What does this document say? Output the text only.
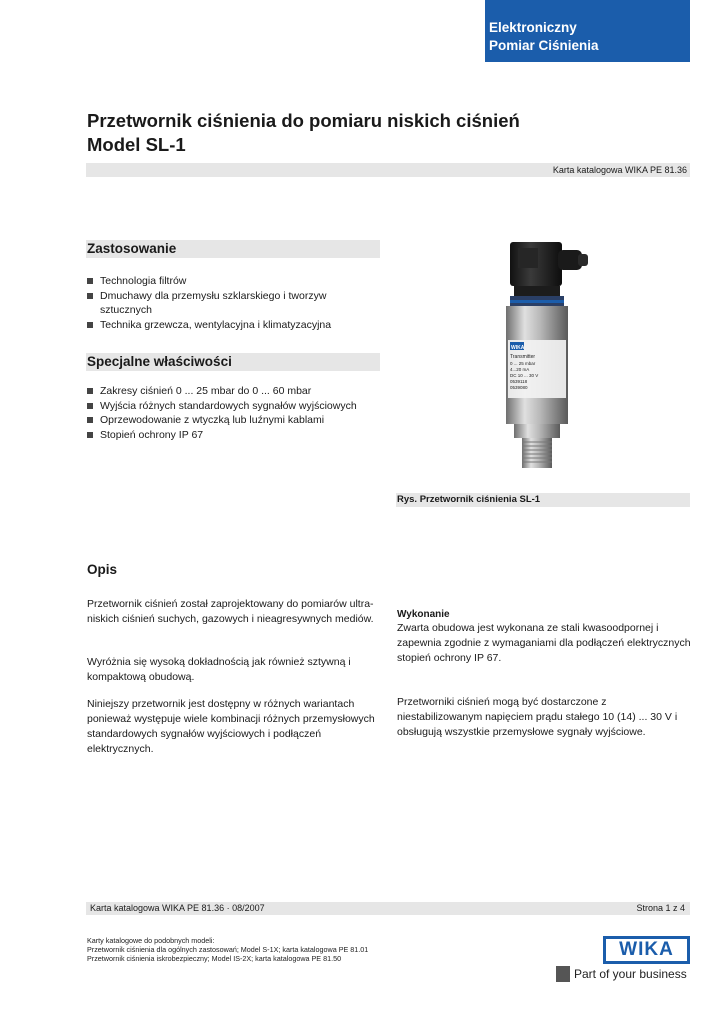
Elektroniczny
Pomiar Ciśnienia
Przetwornik ciśnienia do pomiaru niskich ciśnień
Model SL-1
Karta katalogowa WIKA PE 81.36
Zastosowanie
Technologia filtrów
Dmuchawy dla przemysłu szklarskiego i tworzyw sztucznych
Technika grzewcza, wentylacyjna i klimatyzacyjna
Specjalne właściwości
Zakresy ciśnień 0 ... 25 mbar do 0 ... 60 mbar
Wyjścia różnych standardowych sygnałów wyjściowych
Oprzewodowanie z wtyczką lub luźnymi kablami
Stopień ochrony IP 67
WIKA
Transmitter
0 ... 25 mbar
4...20 mA
DC 10 ... 30 V
0539118
0539080
Rys. Przetwornik ciśnienia SL-1
Opis
Przetwornik ciśnień został zaprojektowany do pomiarów ultra-niskich ciśnień suchych, gazowych i nieagresywnych mediów.
Wyróżnia się wysoką dokładnością jak również sztywną i kompaktową obudową.
Niniejszy przetwornik jest dostępny w różnych wariantach ponieważ występuje wiele kombinacji różnych przemysłowych standardowych sygnałów wyjściowych i podłączeń elektrycznych.
Wykonanie
Zwarta obudowa jest wykonana ze stali kwasoodpornej i zapewnia zgodnie z wymaganiami dla podłączeń elektrycznych stopień ochrony IP 67.
Przetworniki ciśnień mogą być dostarczone z niestabilizowanym napięciem prądu stałego 10 (14) ... 30 V i obsługują wszystkie przemysłowe sygnały wyjściowe.
Karta katalogowa WIKA PE 81.36 · 08/2007	Strona 1 z 4
Karty katalogowe do podobnych modeli:
Przetwornik ciśnienia dla ogólnych zastosowań; Model S-1X; karta katalogowa PE 81.01
Przetwornik ciśnienia iskrobezpieczny; Model IS-2X; karta katalogowa PE 81.50	WIKA
Part of your business
